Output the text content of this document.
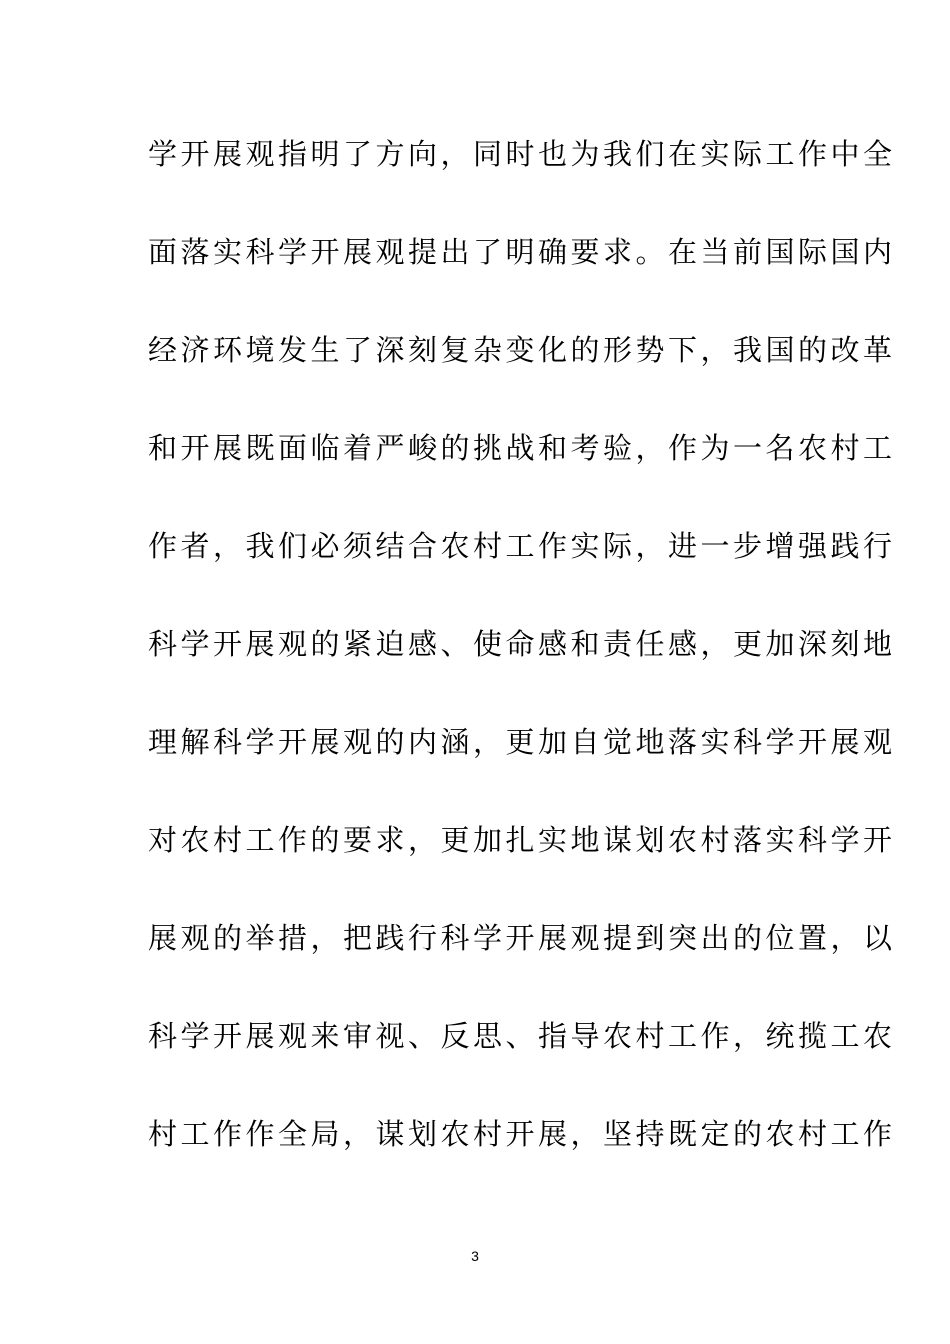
学开展观指明了方向，同时也为我们在实际工作中全
面落实科学开展观提出了明确要求。在当前国际国内
经济环境发生了深刻复杂变化的形势下，我国的改革
和开展既面临着严峻的挑战和考验，作为一名农村工
作者，我们必须结合农村工作实际，进一步增强践行
科学开展观的紧迫感、使命感和责任感，更加深刻地
理解科学开展观的内涵，更加自觉地落实科学开展观
对农村工作的要求，更加扎实地谋划农村落实科学开
展观的举措，把践行科学开展观提到突出的位置，以
科学开展观来审视、反思、指导农村工作，统揽工农
村工作作全局，谋划农村开展，坚持既定的农村工作
3
